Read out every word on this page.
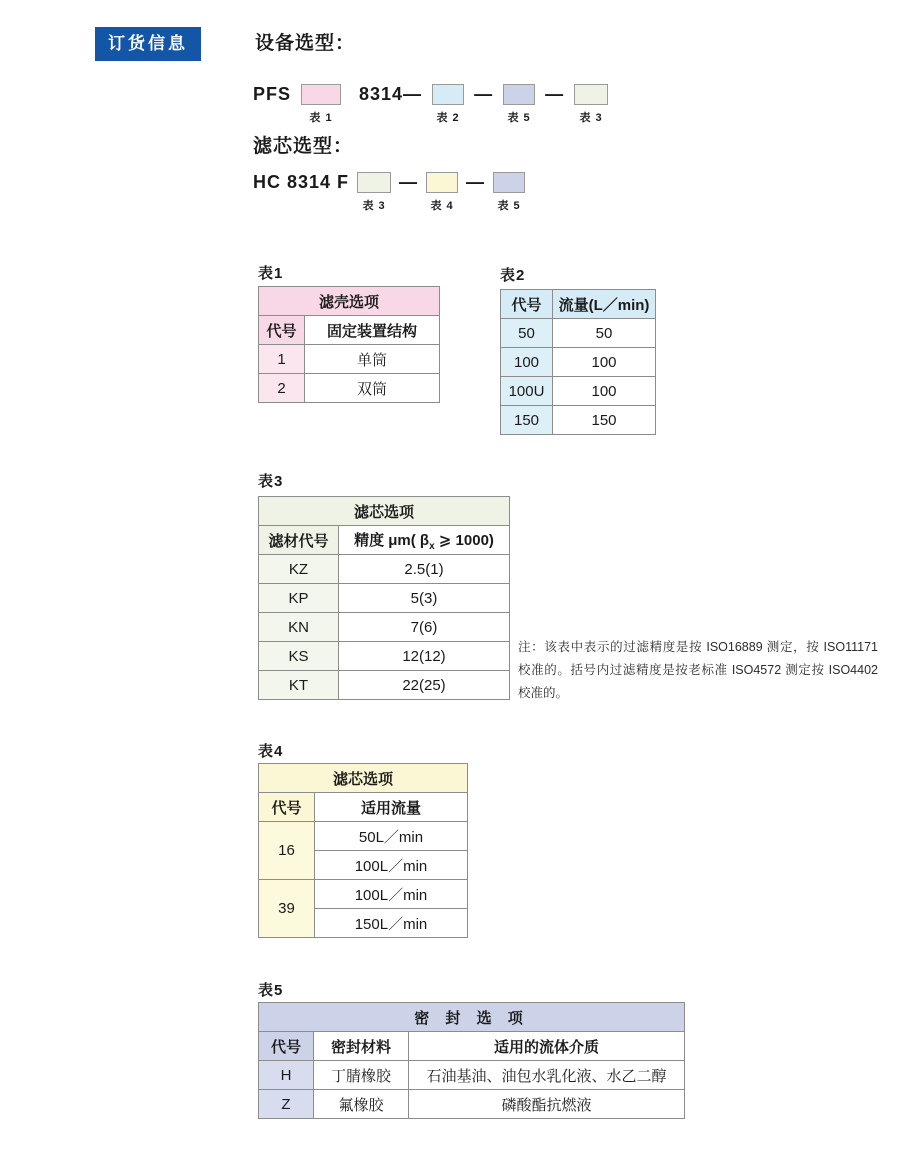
订货信息	设备选型：
PFS
表 1
8314—
表 2
—
表 5
—
表 3
滤芯选型：
HC 8314 F
表 3
—
表 4
—
表 5
表1
滤壳选项	
代号	固定装置结构
1	单筒
2	双筒
表2
代号	流量(L／min)
50	50
100	100
100U	100
150	150
表3
滤芯选项	
滤材代号	精度 μm( $\beta_x$ ⩾ 1000)
KZ	2.5(1)
KP	5(3)
KN	7(6)
KS	12(12)
KT	22(25)
注：该表中表示的过滤精度是按 ISO16889 测定，按 ISO11171 校准的。括号内过滤精度是按老标准 ISO4572 测定按 ISO4402 校准的。
表4
滤芯选项	
代号	适用流量
16	50L／min
	100L／min
39	100L／min
	150L／min
表5
密 封 选 项		
代号	密封材料	适用的流体介质
H	丁腈橡胶	石油基油、油包水乳化液、水乙二醇
Z	氟橡胶	磷酸酯抗燃液
